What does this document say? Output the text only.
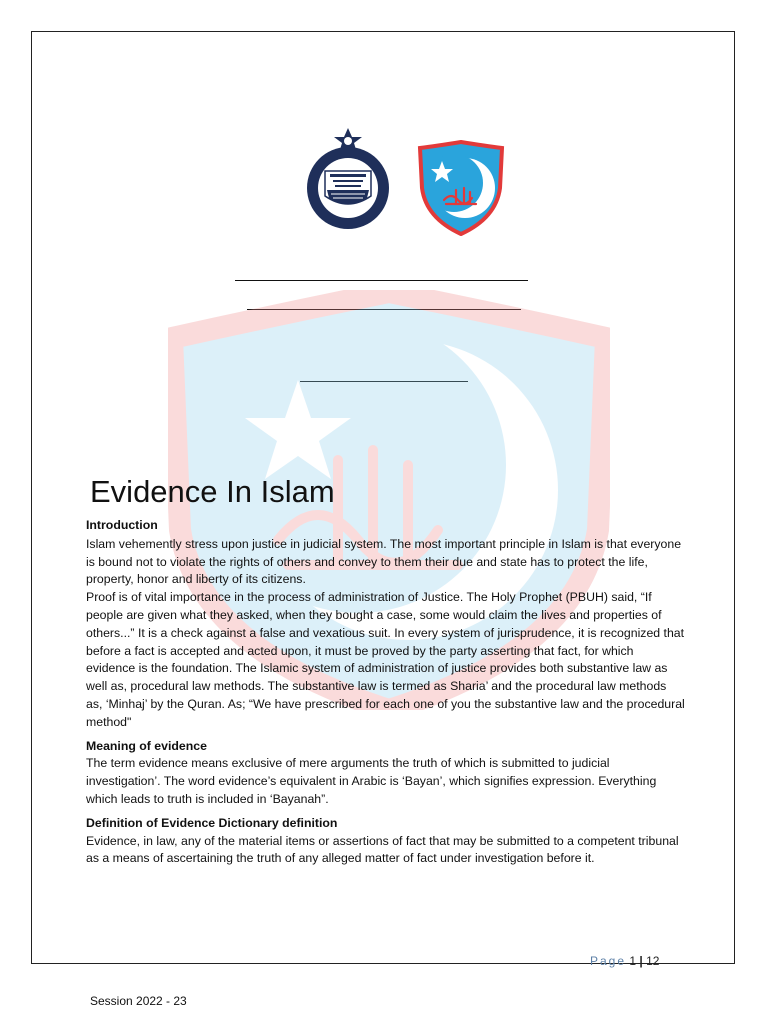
Evidence In Islam
Introduction
Islam vehemently stress upon justice in judicial system. The most important principle in Islam is that everyone is bound not to violate the rights of others and convey to them their due and state has to protect the life, property, honor and liberty of its citizens.
Proof is of vital importance in the process of administration of Justice. The Holy Prophet (PBUH) said, “If people are given what they asked, when they bought a case, some would claim the lives and properties of others...” It is a check against a false and vexatious suit. In every system of jurisprudence, it is recognized that before a fact is accepted and acted upon, it must be proved by the party asserting that fact, for which evidence is the foundation. The Islamic system of administration of justice provides both substantive law as well as, procedural law methods. The substantive law is termed as Sharia’ and the procedural law methods as, ‘Minhaj’ by the Quran. As; “We have prescribed for each one of you the substantive law and the procedural method"
Meaning of evidence
The term evidence means exclusive of mere arguments the truth of which is submitted to judicial investigation’. The word evidence’s equivalent in Arabic is ‘Bayan’, which signifies expression. Everything which leads to truth is included in ‘Bayanah”.
Definition of Evidence Dictionary definition
Evidence, in law, any of the material items or assertions of fact that may be submitted to a competent tribunal as a means of ascertaining the truth of any alleged matter of fact under investigation before it.
Page 1 | 12
Session 2022 - 23
